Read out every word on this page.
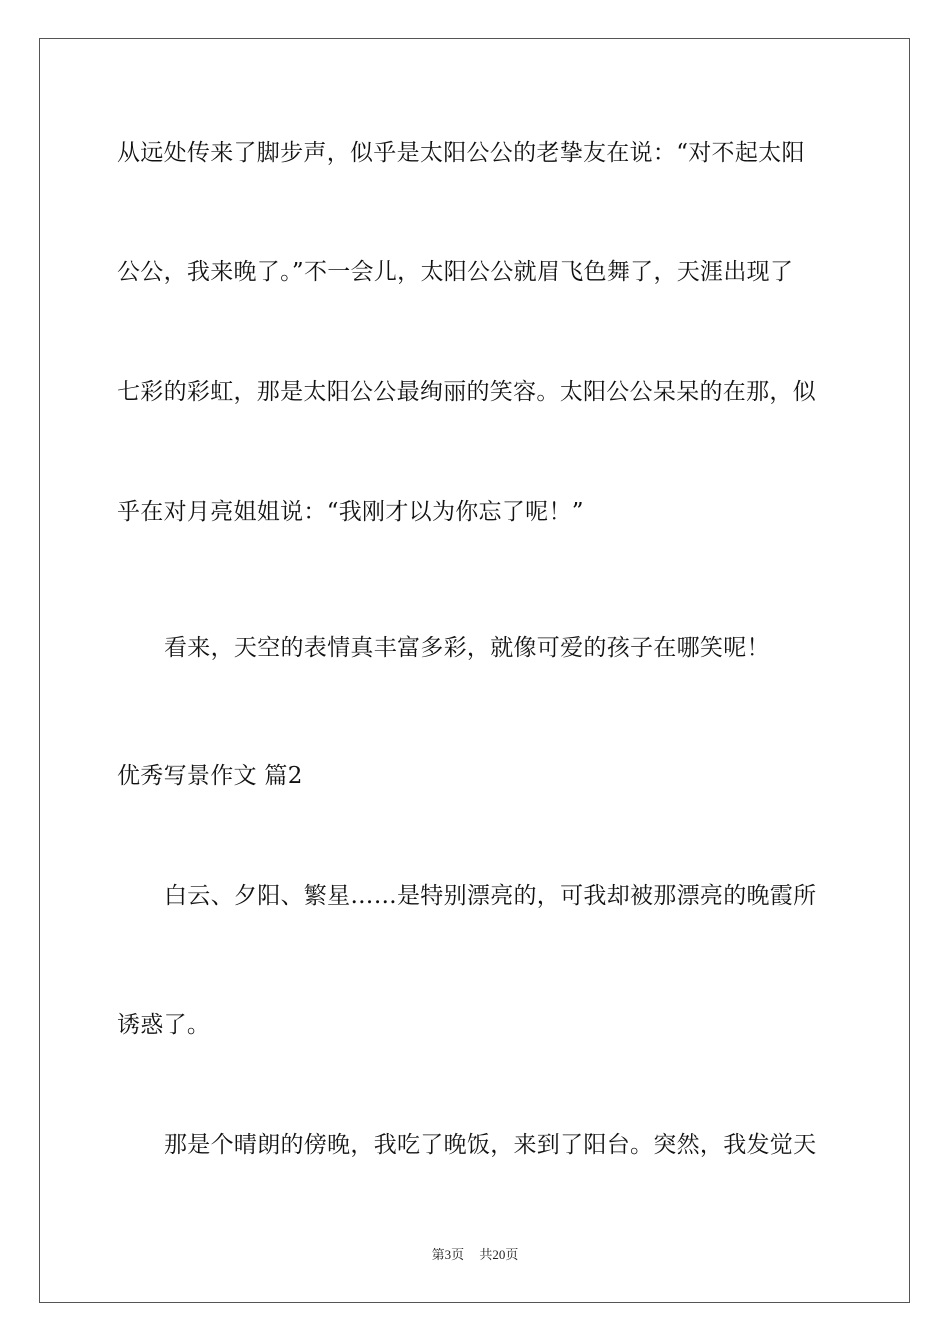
从远处传来了脚步声，似乎是太阳公公的老挚友在说：“对不起太阳
公公，我来晚了。”不一会儿，太阳公公就眉飞色舞了，天涯出现了
七彩的彩虹，那是太阳公公最绚丽的笑容。太阳公公呆呆的在那，似
乎在对月亮姐姐说：“我刚才以为你忘了呢！”
看来，天空的表情真丰富多彩，就像可爱的孩子在哪笑呢！
优秀写景作文 篇2
白云、夕阳、繁星……是特别漂亮的，可我却被那漂亮的晚霞所
诱惑了。
那是个晴朗的傍晚，我吃了晚饭，来到了阳台。突然，我发觉天
第3页 共20页
